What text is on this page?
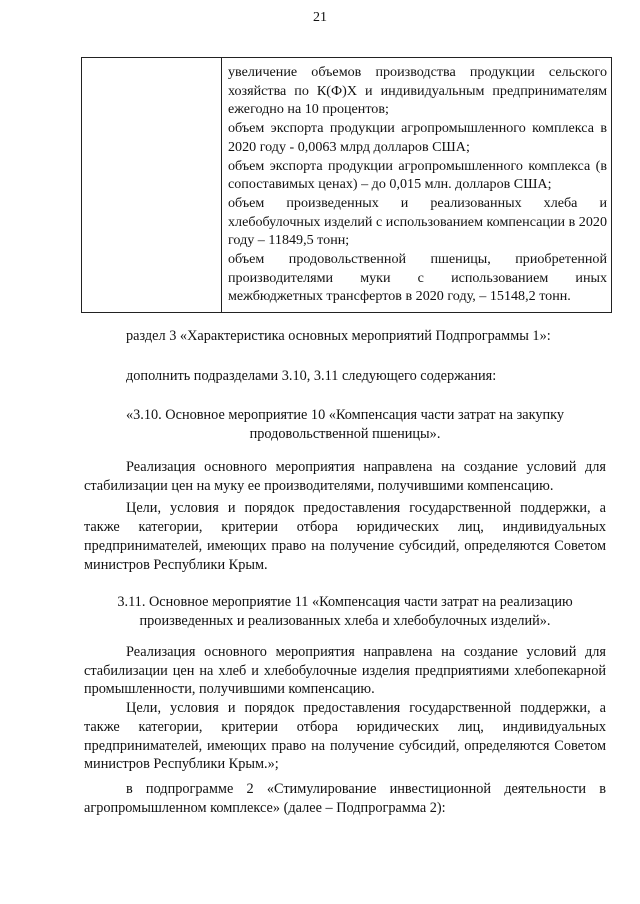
21

увеличение объемов производства продукции сельского хозяйства по К(Ф)Х и индивидуальным предпринимателям ежегодно на 10 процентов;

объем экспорта продукции агропромышленного комплекса в 2020 году - 0,0063 млрд долларов США;

объем экспорта продукции агропромышленного комплекса (в сопоставимых ценах) – до 0,015 млн. долларов США;

объем произведенных и реализованных хлеба и хлебобулочных изделий с использованием компенсации в 2020 году – 11849,5 тонн;

объем продовольственной пшеницы, приобретенной производителями муки с использованием иных межбюджетных трансфертов в 2020 году, – 15148,2 тонн.

раздел 3 «Характеристика основных мероприятий Подпрограммы 1»:

дополнить подразделами 3.10, 3.11 следующего содержания:

«3.10. Основное мероприятие 10 «Компенсация части затрат на закупку продовольственной пшеницы».

Реализация основного мероприятия направлена на создание условий для стабилизации цен на муку ее производителями, получившими компенсацию.

Цели, условия и порядок предоставления государственной поддержки, а также категории, критерии отбора юридических лиц, индивидуальных предпринимателей, имеющих право на получение субсидий, определяются Советом министров Республики Крым.

3.11. Основное мероприятие 11 «Компенсация части затрат на реализацию произведенных и реализованных хлеба и хлебобулочных изделий».

Реализация основного мероприятия направлена на создание условий для стабилизации цен на хлеб и хлебобулочные изделия предприятиями хлебопекарной промышленности, получившими компенсацию.

Цели, условия и порядок предоставления государственной поддержки, а также категории, критерии отбора юридических лиц, индивидуальных предпринимателей, имеющих право на получение субсидий, определяются Советом министров Республики Крым.»;

в подпрограмме 2 «Стимулирование инвестиционной деятельности в агропромышленном комплексе» (далее – Подпрограмма 2):
